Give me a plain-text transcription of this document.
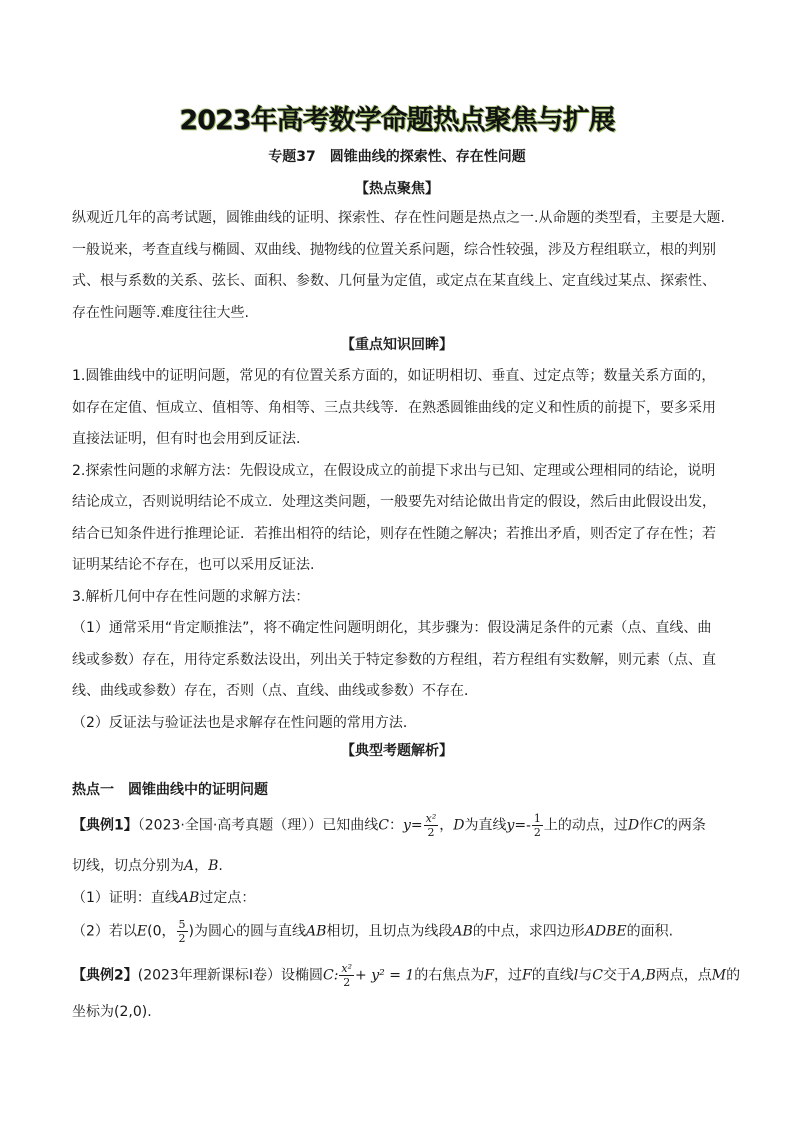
2023年高考数学命题热点聚焦与扩展
专题37　圆锥曲线的探索性、存在性问题
【热点聚焦】
纵观近几年的高考试题，圆锥曲线的证明、探索性、存在性问题是热点之一.从命题的类型看，主要是大题.
一般说来，考查直线与椭圆、双曲线、抛物线的位置关系问题，综合性较强，涉及方程组联立，根的判别
式、根与系数的关系、弦长、面积、参数、几何量为定值，或定点在某直线上、定直线过某点、探索性、
存在性问题等.难度往往大些.
【重点知识回眸】
1.圆锥曲线中的证明问题，常见的有位置关系方面的，如证明相切、垂直、过定点等；数量关系方面的，
如存在定值、恒成立、值相等、角相等、三点共线等．在熟悉圆锥曲线的定义和性质的前提下，要多采用
直接法证明，但有时也会用到反证法.
2.探索性问题的求解方法：先假设成立，在假设成立的前提下求出与已知、定理或公理相同的结论，说明
结论成立，否则说明结论不成立．处理这类问题，一般要先对结论做出肯定的假设，然后由此假设出发，
结合已知条件进行推理论证．若推出相符的结论，则存在性随之解决；若推出矛盾，则否定了存在性；若
证明某结论不存在，也可以采用反证法.
3.解析几何中存在性问题的求解方法：
（1）通常采用“肯定顺推法”，将不确定性问题明朗化，其步骤为：假设满足条件的元素（点、直线、曲
线或参数）存在，用待定系数法设出，列出关于特定参数的方程组，若方程组有实数解，则元素（点、直
线、曲线或参数）存在，否则（点、直线、曲线或参数）不存在．
（2）反证法与验证法也是求解存在性问题的常用方法．
【典型考题解析】
热点一　圆锥曲线中的证明问题
【典例1】（2023·全国·高考真题（理））已知曲线C：$y= \frac{\text{x²}}{2}$ ，D为直线$y=- \frac{1}{2}$ 上的动点，过D作C的两条
切线，切点分别为A，B.
（1）证明：直线AB过定点：
（2）若以E(0， $\frac{5}{2}$ )为圆心的圆与直线AB相切，且切点为线段AB的中点，求四边形ADBE的面积.
【典例2】(2023年理新课标Ⅰ卷）设椭圆C: $\frac{\text{x²}}{2} + y^2 = 1$的右焦点为F，过F的直线l与C交于A,B两点，点M的
坐标为(2,0).
